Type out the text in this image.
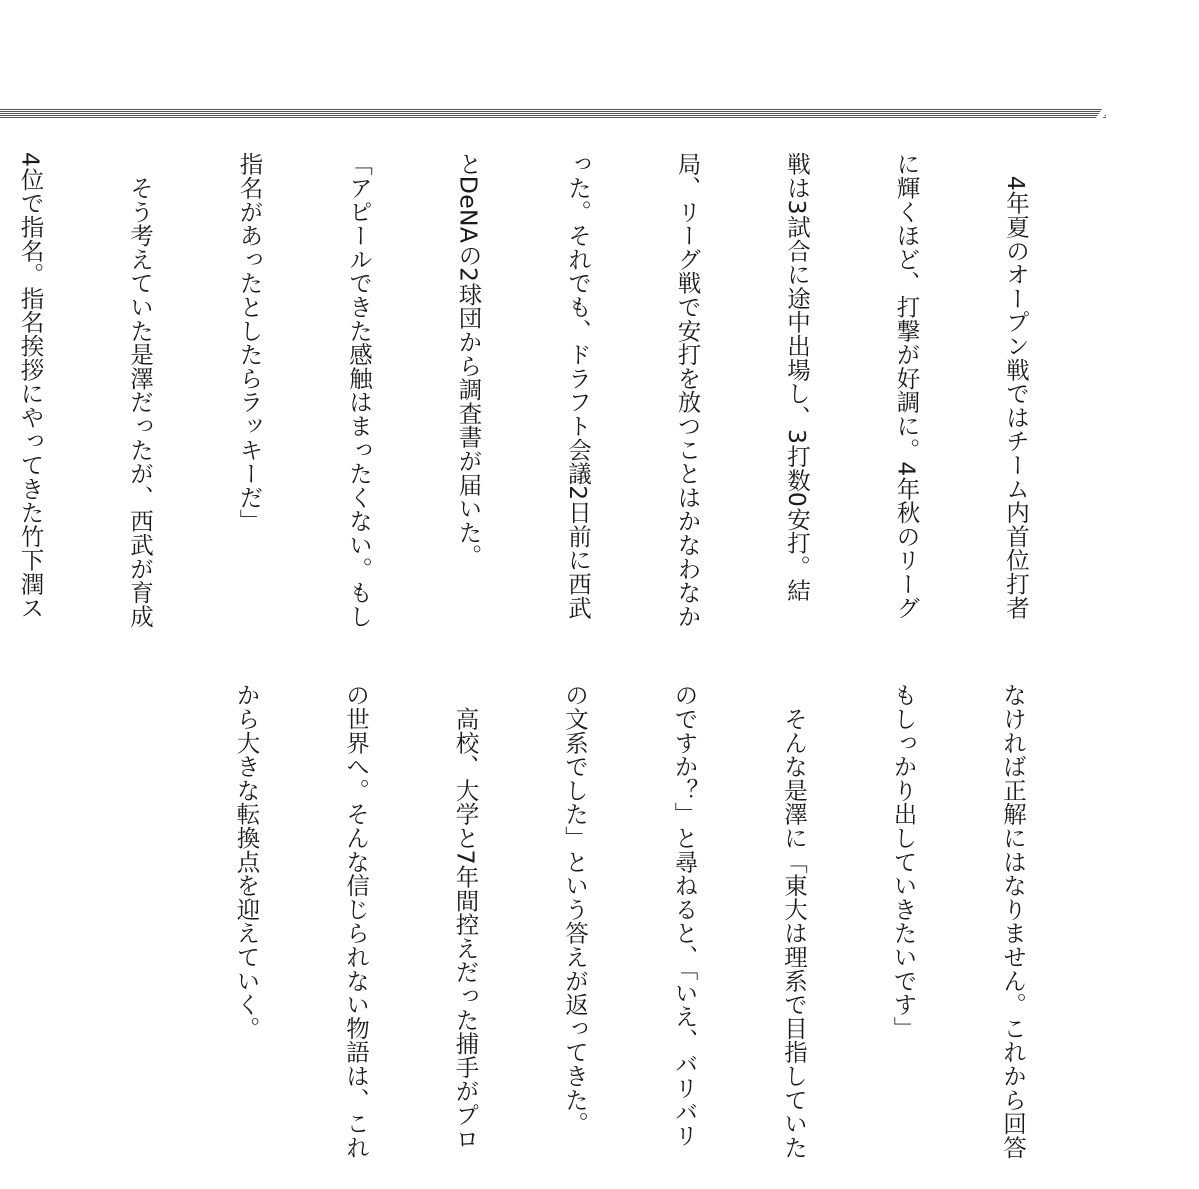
　4年夏のオープン戦ではチーム内首位打者

に輝くほど、打撃が好調に。4年秋のリーグ

戦は3試合に途中出場し、3打数0安打。結

局、リーグ戦で安打を放つことはかなわなか

った。それでも、ドラフト会議2日前に西武

とDeNAの2球団から調査書が届いた。

「アピールできた感触はまったくない。もし

指名があったとしたらラッキーだ」

　そう考えていた是澤だったが、西武が育成

4位で指名。指名挨拶にやってきた竹下潤ス

なければ正解にはなりません。これから回答

もしっかり出していきたいです」

　そんな是澤に「東大は理系で目指していた

のですか？」と尋ねると、「いえ、バリバリ

の文系でした」という答えが返ってきた。

　高校、大学と7年間控えだった捕手がプロ

の世界へ。そんな信じられない物語は、これ

から大きな転換点を迎えていく。
